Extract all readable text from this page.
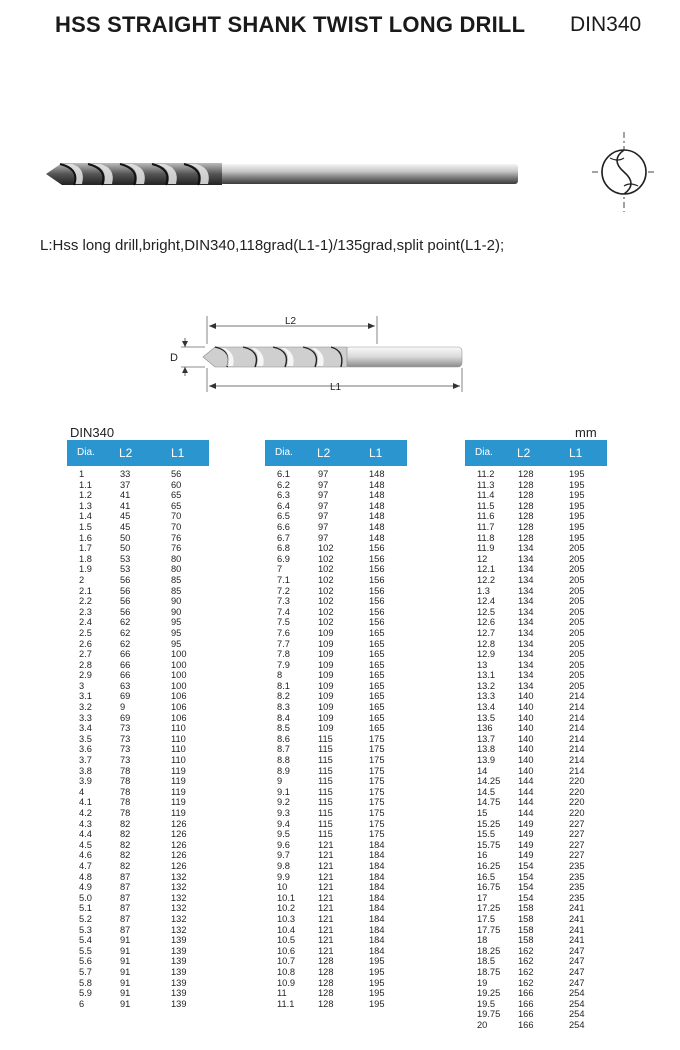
HSS STRAIGHT SHANK TWIST LONG DRILL DIN340
L:Hss long drill,bright,DIN340,118grad(L1-1)/135grad,split point(L1-2);
L2
D
L1
DIN340	mm
Dia. L2	L1
1	33	56
1.1	37	60
1.2	41	65
1.3	41	65
1.4	45	70
1.5	45	70
1.6	50	76
1.7	50	76
1.8	53	80
1.9	53	80
2	56	85
2.1	56	85
2.2	56	90
2.3	56	90
2.4	62	95
2.5	62	95
2.6	62	95
2.7	66	100
2.8	66	100
2.9	66	100
3	63	100
3.1	69	106
3.2	9	106
3.3	69	106
3.4	73	110
3.5	73	110
3.6	73	110
3.7	73	110
3.8	78	119
3.9	78	119
4	78	119
4.1	78	119
4.2	78	119
4.3	82	126
4.4	82	126
4.5	82	126
4.6	82	126
4.7	82	126
4.8	87	132
4.9	87	132
5.0	87	132
5.1	87	132
5.2	87	132
5.3	87	132
5.4	91	139
5.5	91	139
5.6	91	139
5.7	91	139
5.8	91	139
5.9	91	139
6	91	139
Dia. L2	L1
6.1	97	148
6.2	97	148
6.3	97	148
6.4	97	148
6.5	97	148
6.6	97	148
6.7	97	148
6.8	102	156
6.9	102	156
7	102	156
7.1	102	156
7.2	102	156
7.3	102	156
7.4	102	156
7.5	102	156
7.6	109	165
7.7	109	165
7.8	109	165
7.9	109	165
8	109	165
8.1	109	165
8.2	109	165
8.3	109	165
8.4	109	165
8.5	109	165
8.6	115	175
8.7	115	175
8.8	115	175
8.9	115	175
9	115	175
9.1	115	175
9.2	115	175
9.3	115	175
9.4	115	175
9.5	115	175
9.6	121	184
9.7	121	184
9.8	121	184
9.9	121	184
10	121	184
10.1 121	184
10.2 121	184
10.3 121	184
10.4 121	184
10.5 121	184
10.6 121	184
10.7 128	195
10.8 128	195
10.9 128	195
11	128	195
11.1	128	195
Dia. L2	L1
11.2	128	195
11.3	128	195
11.4	128	195
11.5	128	195
11.6	128	195
11.7	128	195
11.8	128	195
11.9	134	205
12	134	205
12.1 134	205
12.2 134	205
1.3	134	205
12.4 134	205
12.5 134	205
12.6 134	205
12.7 134	205
12.8 134	205
12.9 134	205
13	134	205
13.1 134	205
13.2 134	205
13.3 140	214
13.4 140	214
13.5 140	214
136	140	214
13.7 140	214
13.8 140	214
13.9 140	214
14	140	214
14.25 144	220
14.5 144	220
14.75 144	220
15	144	220
15.25 149	227
15.5 149	227
15.75 149	227
16	149	227
16.25 154	235
16.5 154	235
16.75 154	235
17	154	235
17.25 158	241
17.5 158	241
17.75 158	241
18	158	241
18.25 162	247
18.5 162	247
18.75 162	247
19	162	247
19.25 166	254
19.5 166	254
19.75 166	254
20	166	254
